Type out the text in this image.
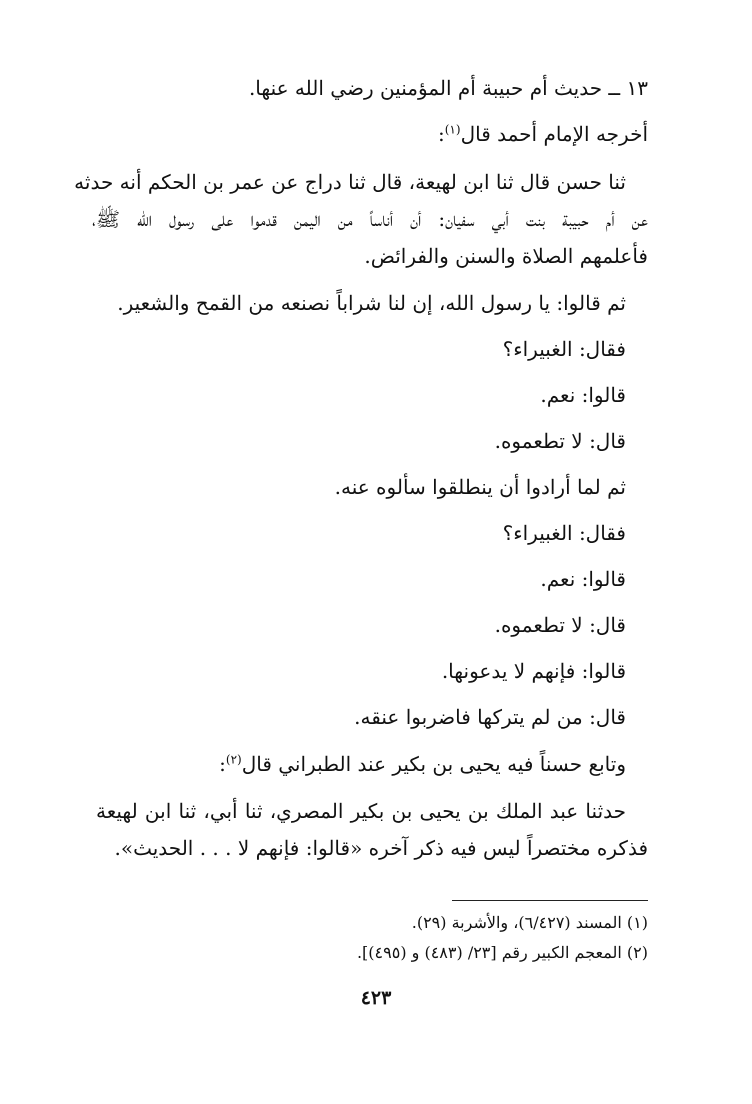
١٣ ــ حديث أم حبيبة أم المؤمنين رضي الله عنها.
أخرجه الإمام أحمد قال$^{(١)}$:
ثنا حسن قال ثنا ابن لهيعة، قال ثنا دراج عن عمر بن الحكم أنه حدثه
عن أم حبيبة بنت أبي سفيان: أن أناساً من اليمن قدموا على رسول الله ﷺ،
فأعلمهم الصلاة والسنن والفرائض.
ثم قالوا: يا رسول الله، إن لنا شراباً نصنعه من القمح والشعير.
فقال: الغبيراء؟
قالوا: نعم.
قال: لا تطعموه.
ثم لما أرادوا أن ينطلقوا سألوه عنه.
فقال: الغبيراء؟
قالوا: نعم.
قال: لا تطعموه.
قالوا: فإنهم لا يدعونها.
قال: من لم يتركها فاضربوا عنقه.
وتابع حسناً فيه يحيى بن بكير عند الطبراني قال$^{(٢)}$:
حدثنا عبد الملك بن يحيى بن بكير المصري، ثنا أبي، ثنا ابن لهيعة
فذكره مختصراً ليس فيه ذكر آخره «قالوا: فإنهم لا . . . الحديث».
(١) المسند (٦/٤٢٧)، والأشربة (٢٩).
(٢) المعجم الكبير رقم [٢٣/ (٤٨٣) و (٤٩٥)].
٤٢٣
